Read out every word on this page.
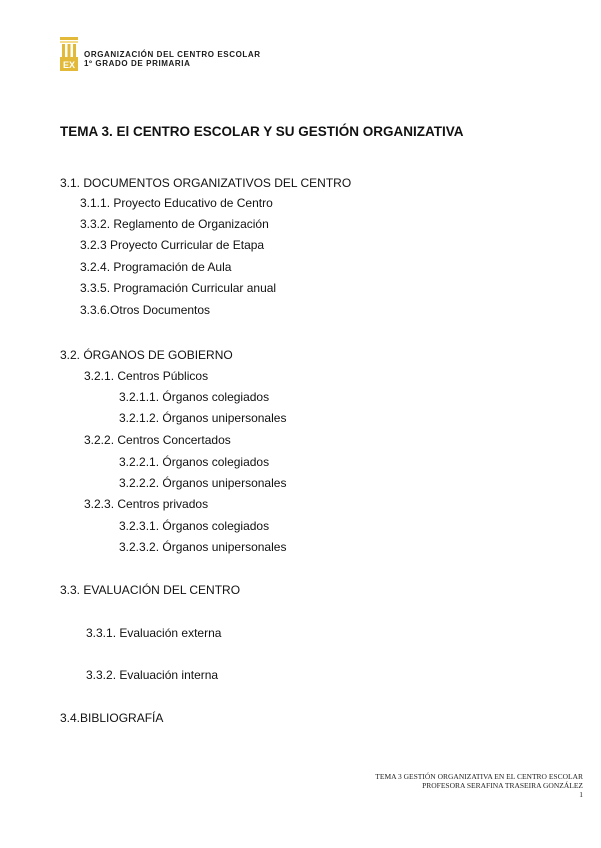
EX
ORGANIZACIÓN DEL CENTRO ESCOLAR
1º GRADO DE PRIMARIA
TEMA 3. El CENTRO ESCOLAR Y SU GESTIÓN ORGANIZATIVA
3.1. DOCUMENTOS ORGANIZATIVOS DEL CENTRO
3.1.1. Proyecto Educativo de Centro
3.3.2. Reglamento de Organización
3.2.3 Proyecto Curricular de Etapa
3.2.4. Programación de Aula
3.3.5. Programación Curricular anual
3.3.6.Otros Documentos
3.2. ÓRGANOS DE GOBIERNO
3.2.1. Centros Públicos
3.2.1.1. Órganos colegiados
3.2.1.2. Órganos unipersonales
3.2.2. Centros Concertados
3.2.2.1. Órganos colegiados
3.2.2.2. Órganos unipersonales
3.2.3. Centros privados
3.2.3.1. Órganos colegiados
3.2.3.2. Órganos unipersonales
3.3. EVALUACIÓN DEL CENTRO
3.3.1. Evaluación externa
3.3.2. Evaluación interna
3.4.BIBLIOGRAFÍA
TEMA 3 GESTIÓN ORGANIZATIVA EN EL CENTRO ESCOLAR
PROFESORA SERAFINA TRASEIRA GONZÁLEZ
1
